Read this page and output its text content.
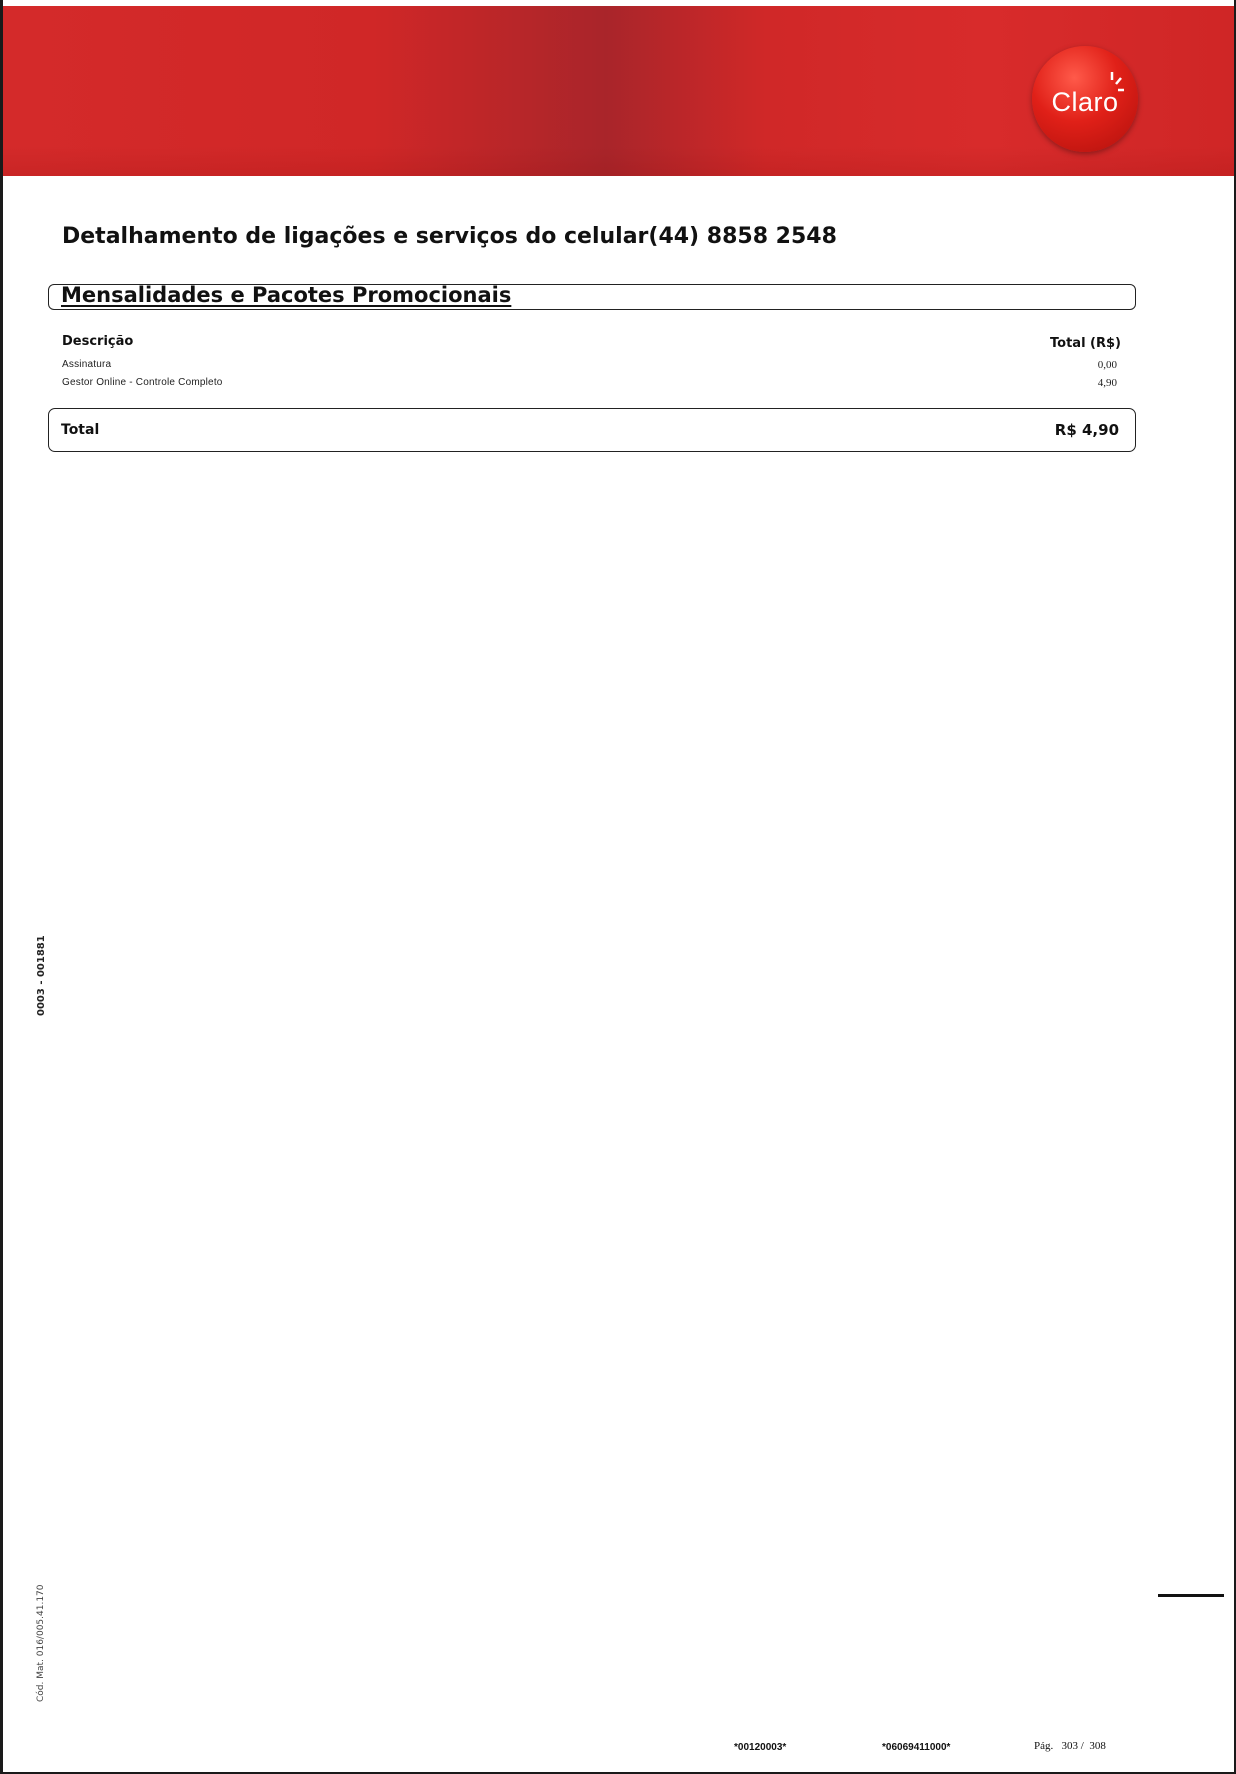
Claro
Detalhamento de ligações e serviços do celular(44) 8858 2548
Mensalidades e Pacotes Promocionais
Descrição	Total (R$)
Assinatura	0,00
Gestor Online - Controle Completo	4,90
Total	R$ 4,90
0003 - 001881
Cód. Mat. 016/005.41.170
*00120003*	*06069411000*	Pág. 303 / 308
